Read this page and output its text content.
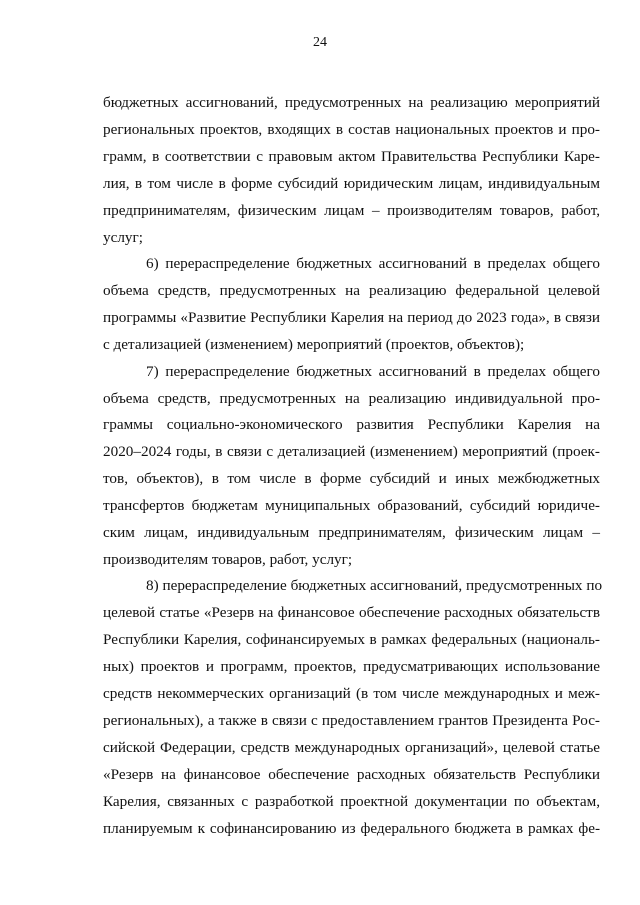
24
бюджетных ассигнований, предусмотренных на реализацию мероприятий
региональных проектов, входящих в состав национальных проектов и про-
грамм, в соответствии с правовым актом Правительства Республики Каре-
лия, в том числе в форме субсидий юридическим лицам, индивидуальным
предпринимателям, физическим лицам – производителям товаров, работ,
услуг;
6) перераспределение бюджетных ассигнований в пределах общего
объема средств, предусмотренных на реализацию федеральной целевой
программы «Развитие Республики Карелия на период до 2023 года», в связи
с детализацией (изменением) мероприятий (проектов, объектов);
7) перераспределение бюджетных ассигнований в пределах общего
объема средств, предусмотренных на реализацию индивидуальной про-
граммы социально-экономического развития Республики Карелия на
2020–2024 годы, в связи с детализацией (изменением) мероприятий (проек-
тов, объектов), в том числе в форме субсидий и иных межбюджетных
трансфертов бюджетам муниципальных образований, субсидий юридиче-
ским лицам, индивидуальным предпринимателям, физическим лицам –
производителям товаров, работ, услуг;
8) перераспределение бюджетных ассигнований, предусмотренных по
целевой статье «Резерв на финансовое обеспечение расходных обязательств
Республики Карелия, софинансируемых в рамках федеральных (националь-
ных) проектов и программ, проектов, предусматривающих использование
средств некоммерческих организаций (в том числе международных и меж-
региональных), а также в связи с предоставлением грантов Президента Рос-
сийской Федерации, средств международных организаций», целевой статье
«Резерв на финансовое обеспечение расходных обязательств Республики
Карелия, связанных с разработкой проектной документации по объектам,
планируемым к софинансированию из федерального бюджета в рамках фе-
